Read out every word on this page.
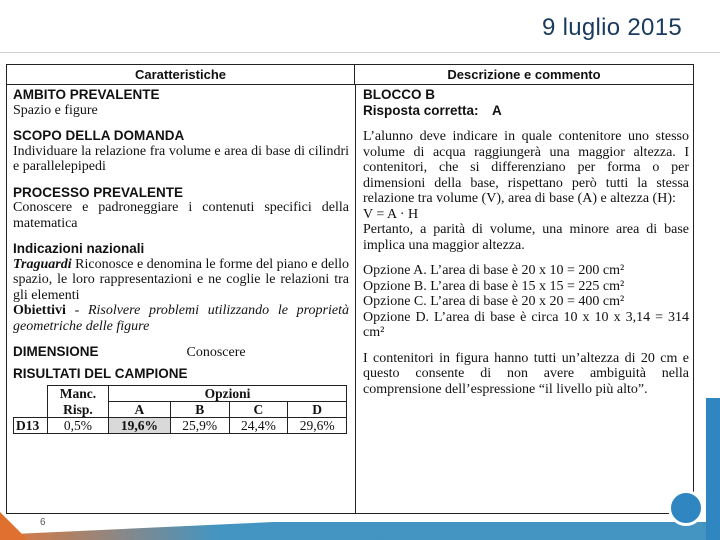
9 luglio 2015
Caratteristiche	Descrizione e commento
AMBITO PREVALENTE
Spazio e figure
SCOPO DELLA DOMANDA
Individuare la relazione fra volume e area di base di cilindri e parallelepipedi
PROCESSO PREVALENTE
Conoscere e padroneggiare i contenuti specifici della matematica
Indicazioni nazionali
Traguardi Riconosce e denomina le forme del piano e dello spazio, le loro rappresentazioni e ne coglie le relazioni tra gli elementi
Obiettivi - Risolvere problemi utilizzando le proprietà geometriche delle figure
DIMENSIONE	Conoscere
RISULTATI DEL CAMPIONE
	Manc.	Opzioni			
	Risp.	A	B	C	D
D13	0,5%	19,6%	25,9%	24,4%	29,6%
BLOCCO B
Risposta corretta: A
L’alunno deve indicare in quale contenitore uno stesso volume di acqua raggiungerà una maggior altezza. I contenitori, che si differenziano per forma o per dimensioni della base, rispettano però tutti la stessa relazione tra volume (V), area di base (A) e altezza (H):
V = A · H
Pertanto, a parità di volume, una minore area di base implica una maggior altezza.
Opzione A. L’area di base è 20 x 10 = 200 cm²
Opzione B. L’area di base è 15 x 15 = 225 cm²
Opzione C. L’area di base è 20 x 20 = 400 cm²
Opzione D. L’area di base è circa 10 x 10 x 3,14 = 314 cm²
I contenitori in figura hanno tutti un’altezza di 20 cm e questo consente di non avere ambiguità nella comprensione dell’espressione “il livello più alto”.
6
